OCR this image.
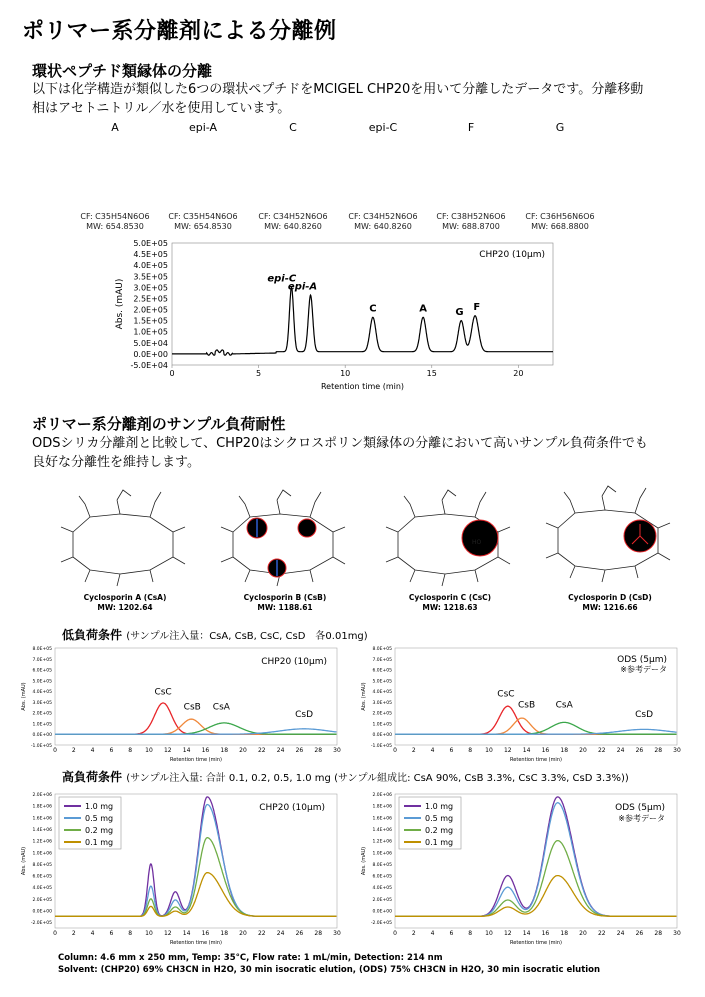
ポリマー系分離剤による分離例
環状ペプチド類縁体の分離
以下は化学構造が類似した6つの環状ペプチドをMCIGEL CHP20を用いて分離したデータです。分離移動
相はアセトニトリル／水を使用しています。
A
CF: C35H54N6O6
MW: 654.8530
epi-A
CF: C35H54N6O6
MW: 654.8530
C
CF: C34H52N6O6
MW: 640.8260
epi-C
CF: C34H52N6O6
MW: 640.8260
F
CF: C38H52N6O6
MW: 688.8700
G
CF: C36H56N6O6
MW: 668.8800
5.0E+05
4.5E+05
4.0E+05
3.5E+05
3.0E+05
2.5E+05
2.0E+05
1.5E+05
1.0E+05
5.0E+04
0.0E+00
-5.0E+04
0	5	10	15	20
Abs. (mAU)
Retention time (min)
CHP20 (10μm)
epi-C
epi-A
C	A	G F
ポリマー系分離剤のサンプル負荷耐性
ODSシリカ分離剤と比較して、CHP20はシクロスポリン類縁体の分離において高いサンプル負荷条件でも
良好な分離性を維持します。
Cyclosporin A (CsA)
MW: 1202.64
Cyclosporin B (CsB)
MW: 1188.61
HO
Cyclosporin C (CsC)
MW: 1218.63
Cyclosporin D (CsD)
MW: 1216.66
低負荷条件 (サンプル注入量：CsA, CsB, CsC, CsD　各0.01mg)
8.0E+05
7.0E+05
6.0E+05
5.0E+05
4.0E+05
3.0E+05
2.0E+05
1.0E+05
0.0E+00
-1.0E+05
0 2 4 6 8 10 12 14 16 18 20 22 24 26 28 30
Abs. (mAU)
Retention time (min)
CHP20 (10μm)
CsC
CsB CsA
CsD
8.0E+05
7.0E+05
6.0E+05
5.0E+05
4.0E+05
3.0E+05
2.0E+05
1.0E+05
0.0E+00
-1.0E+05
0 2 4 6 8 10 12 14 16 18 20 22 24 26 28 30
Abs. (mAU)
Retention time (min)
ODS (5μm)
※参考データ
CsC
CsB CsA
CsD
高負荷条件 (サンプル注入量: 合計 0.1, 0.2, 0.5, 1.0 mg (サンプル組成比: CsA 90%, CsB 3.3%, CsC 3.3%, CsD 3.3%))
2.0E+06
1.8E+06
1.6E+06
1.4E+06
1.2E+06
1.0E+06
8.0E+05
6.0E+05
4.0E+05
2.0E+05
0.0E+00
-2.0E+05
0 2 4 6 8 10 12 14 16 18 20 22 24 26 28 30
Abs. (mAU)
Retention time (min)
CHP20 (10μm)
1.0 mg
0.5 mg
0.2 mg
0.1 mg
2.0E+06
1.8E+06
1.6E+06
1.4E+06
1.2E+06
1.0E+06
8.0E+05
6.0E+05
4.0E+05
2.0E+05
0.0E+00
-2.0E+05
0 2 4 6 8 10 12 14 16 18 20 22 24 26 28 30
Abs. (mAU)
Retention time (min)
ODS (5μm)
※参考データ
1.0 mg
0.5 mg
0.2 mg
0.1 mg
Column: 4.6 mm x 250 mm, Temp: 35°C, Flow rate: 1 mL/min, Detection: 214 nm
Solvent: (CHP20) 69% CH3CN in H2O, 30 min isocratic elution, (ODS) 75% CH3CN in H2O, 30 min isocratic elution
